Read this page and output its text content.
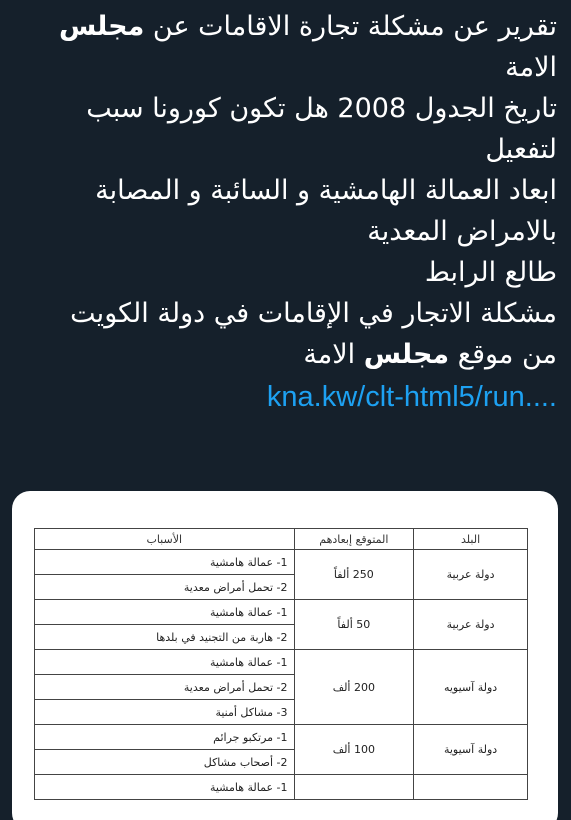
تقرير عن مشكلة تجارة الاقامات عن مجلس
الامة
تاريخ الجدول 2008 هل تكون كورونا سبب
لتفعيل
ابعاد العمالة الهامشية و السائبة و المصابة
بالامراض المعدية
طالع الرابط
مشكلة الاتجار في الإقامات في دولة الكويت
من موقع مجلس الامة
kna.kw/clt-html5/run....
البلد	المتوقع إبعادهم	الأسباب
دولة عربية	250 ألفاً	1- عمالة هامشية
		2- تحمل أمراض معدية
دولة عربية	50 ألفاً	1- عمالة هامشية
		2- هاربة من التجنيد في بلدها
دولة آسيويه	200 ألف	1- عمالة هامشية
		2- تحمل أمراض معدية
		3- مشاكل أمنية
دولة آسيوية	100 ألف	1- مرتكبو جرائم
		2- أصحاب مشاكل
		1- عمالة هامشية
